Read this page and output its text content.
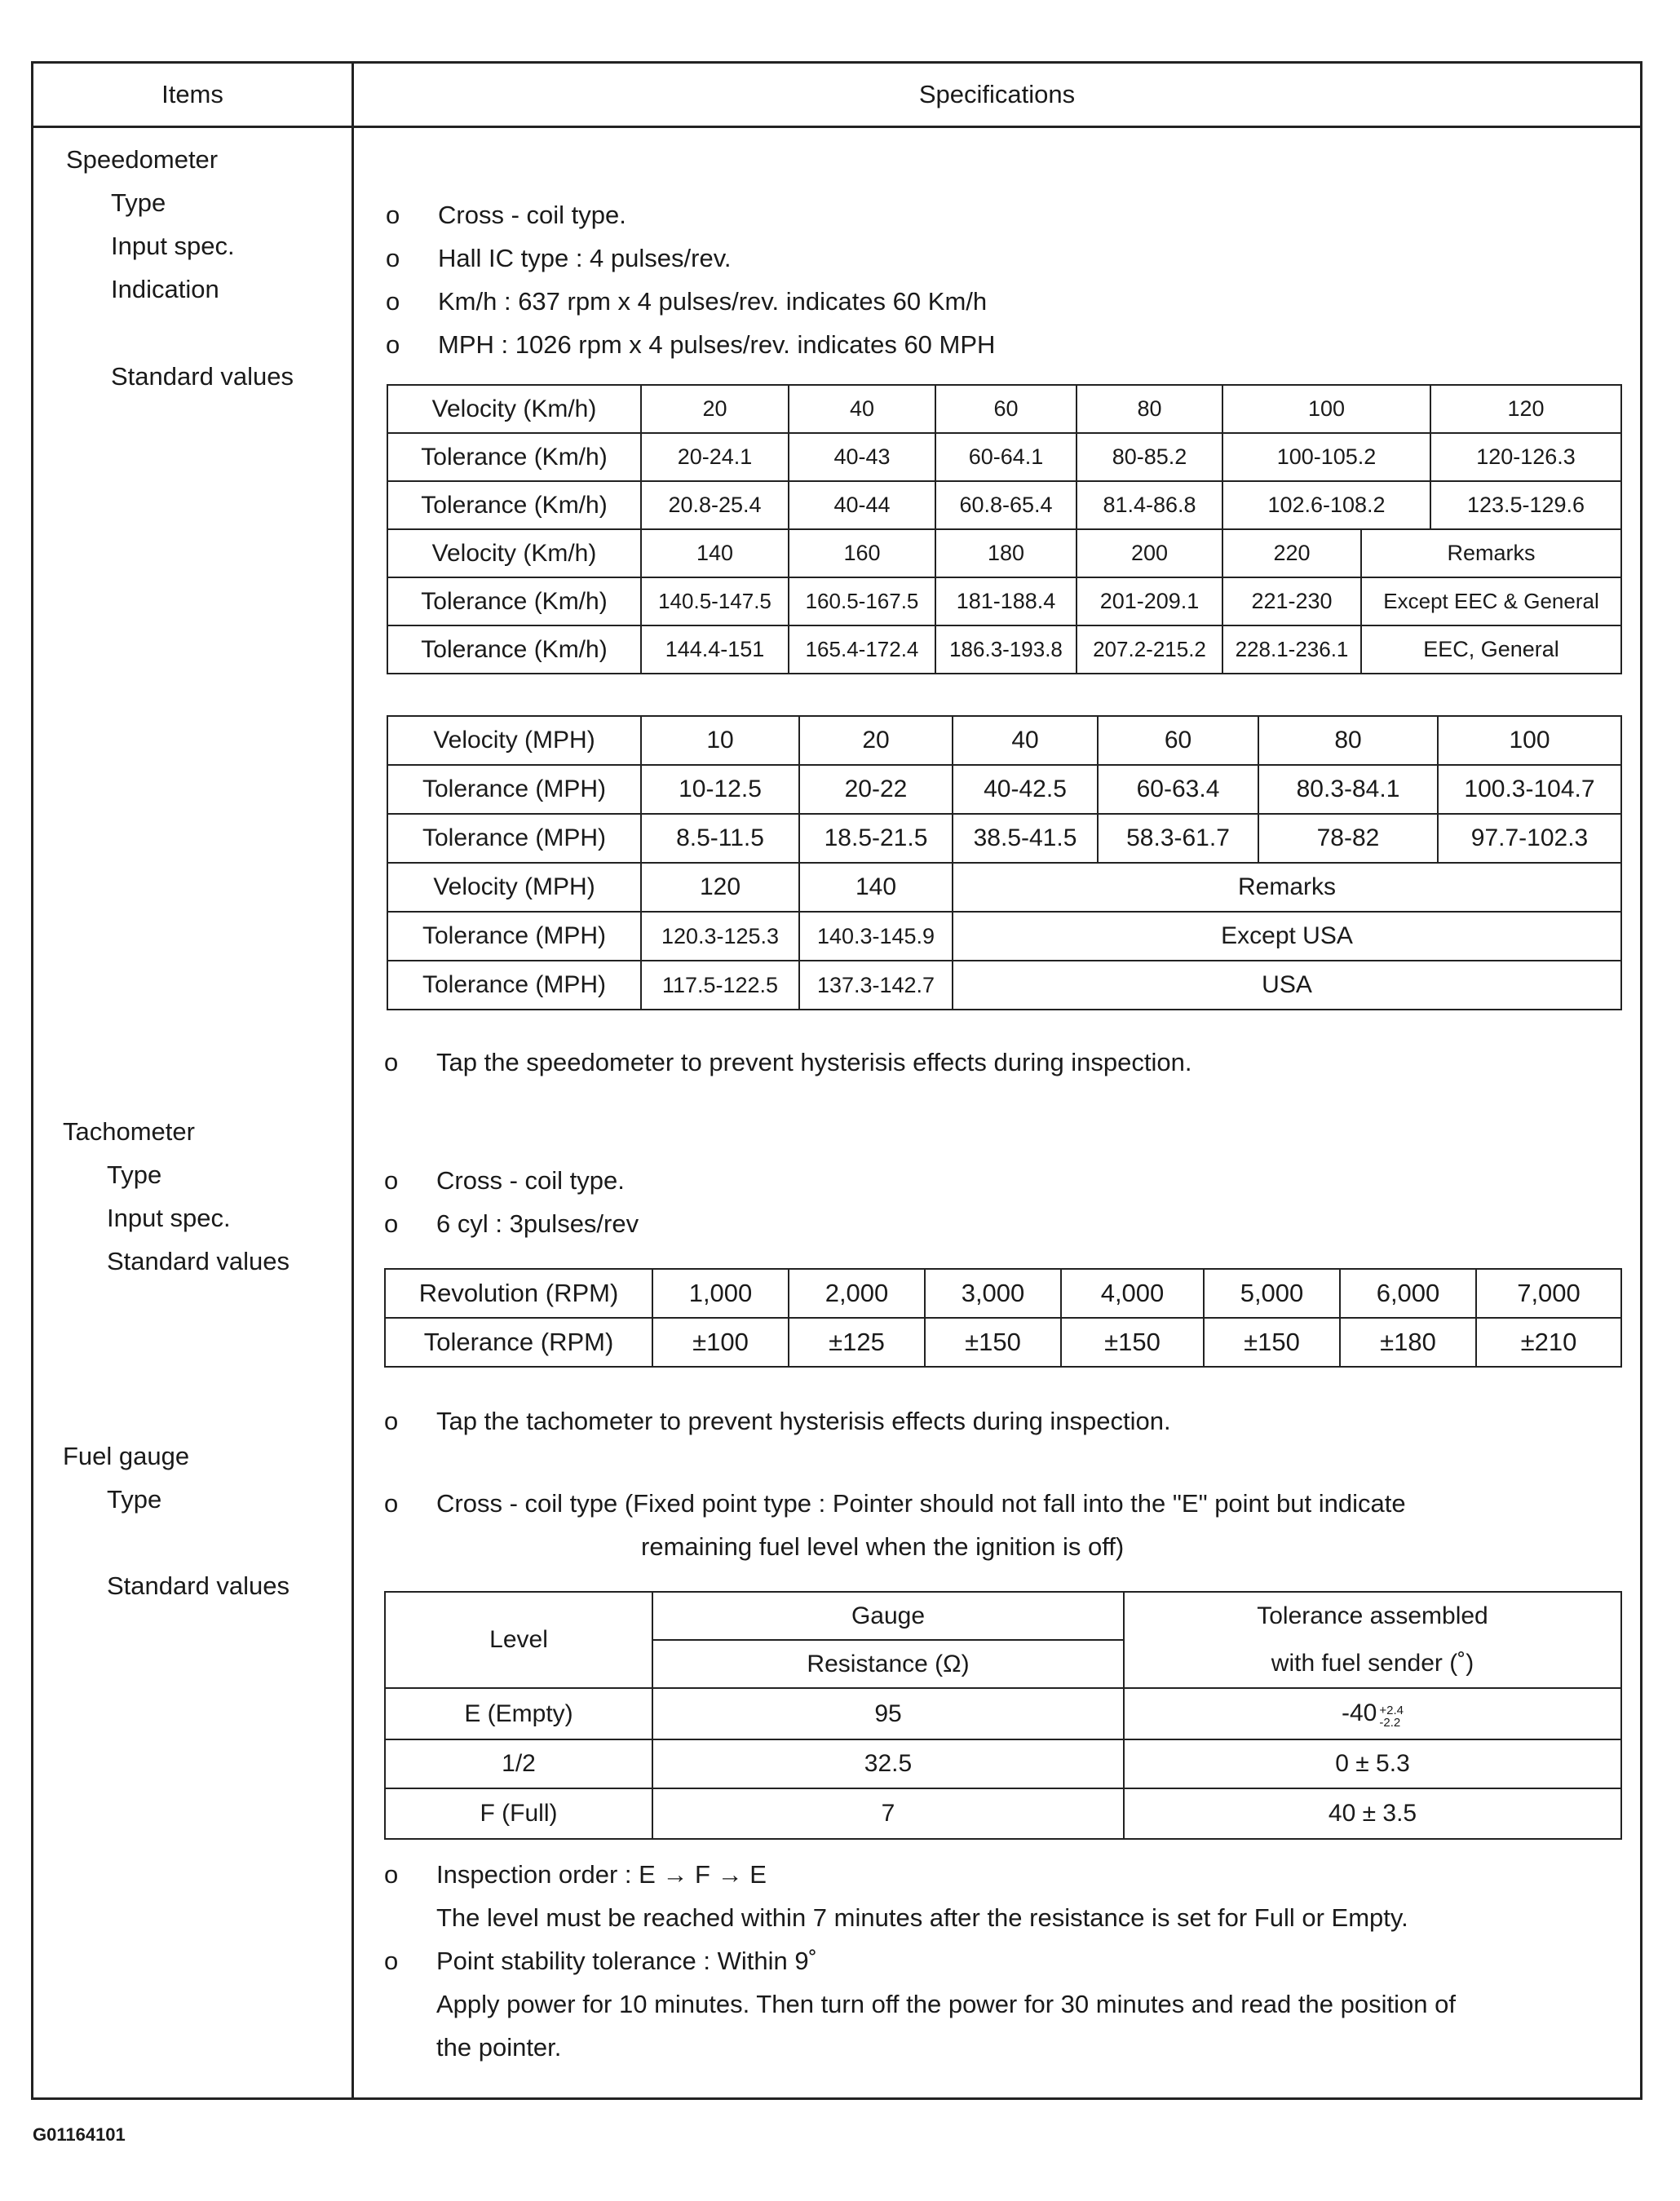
Items	Specifications
Speedometer
Type
Input spec.
Indication
Standard values
o Cross - coil type.
o Hall IC type : 4 pulses/rev.
o Km/h : 637 rpm x 4 pulses/rev. indicates 60 Km/h
o MPH : 1026 rpm x 4 pulses/rev. indicates 60 MPH
Velocity (Km/h)	20	40	60	80	100		120
Tolerance (Km/h)	20-24.1	40-43	60-64.1	80-85.2	100-105.2		120-126.3
Tolerance (Km/h)	20.8-25.4	40-44	60.8-65.4	81.4-86.8	102.6-108.2		123.5-129.6
Velocity (Km/h)	140	160	180	200	220	Remarks	
Tolerance (Km/h)	140.5-147.5	160.5-167.5	181-188.4	201-209.1	221-230	Except EEC & General	
Tolerance (Km/h)	144.4-151	165.4-172.4	186.3-193.8	207.2-215.2	228.1-236.1	EEC, General	
Velocity (MPH)	10	20	40	60	80	100
Tolerance (MPH)	10-12.5	20-22	40-42.5	60-63.4	80.3-84.1	100.3-104.7
Tolerance (MPH)	8.5-11.5	18.5-21.5	38.5-41.5	58.3-61.7	78-82	97.7-102.3
Velocity (MPH)	120	140	Remarks			
Tolerance (MPH)	120.3-125.3	140.3-145.9	Except USA			
Tolerance (MPH)	117.5-122.5	137.3-142.7	USA			
o Tap the speedometer to prevent hysterisis effects during inspection.
Tachometer
Type
Input spec.
Standard values
o Cross - coil type.
o 6 cyl : 3pulses/rev
Revolution (RPM)	1,000	2,000	3,000	4,000	5,000	6,000	7,000
Tolerance (RPM)	±100	±125	±150	±150	±150	±180	±210
o Tap the tachometer to prevent hysterisis effects during inspection.
Fuel gauge
Type
Standard values
o Cross - coil type (Fixed point type : Pointer should not fall into the "E" point but indicate
remaining fuel level when the ignition is off)
Level	Gauge	Tolerance assembled
	Resistance (Ω)	with fuel sender (˚)
E (Empty)	95	-40 $^{+2.4 -2.2}$

1/2	32.5	0 ± 5.3
F (Full)	7	40 ± 3.5
o Inspection order : E → F → E
The level must be reached within 7 minutes after the resistance is set for Full or Empty.
o Point stability tolerance : Within 9˚
Apply power for 10 minutes. Then turn off the power for 30 minutes and read the position of
the pointer.
G01164101
